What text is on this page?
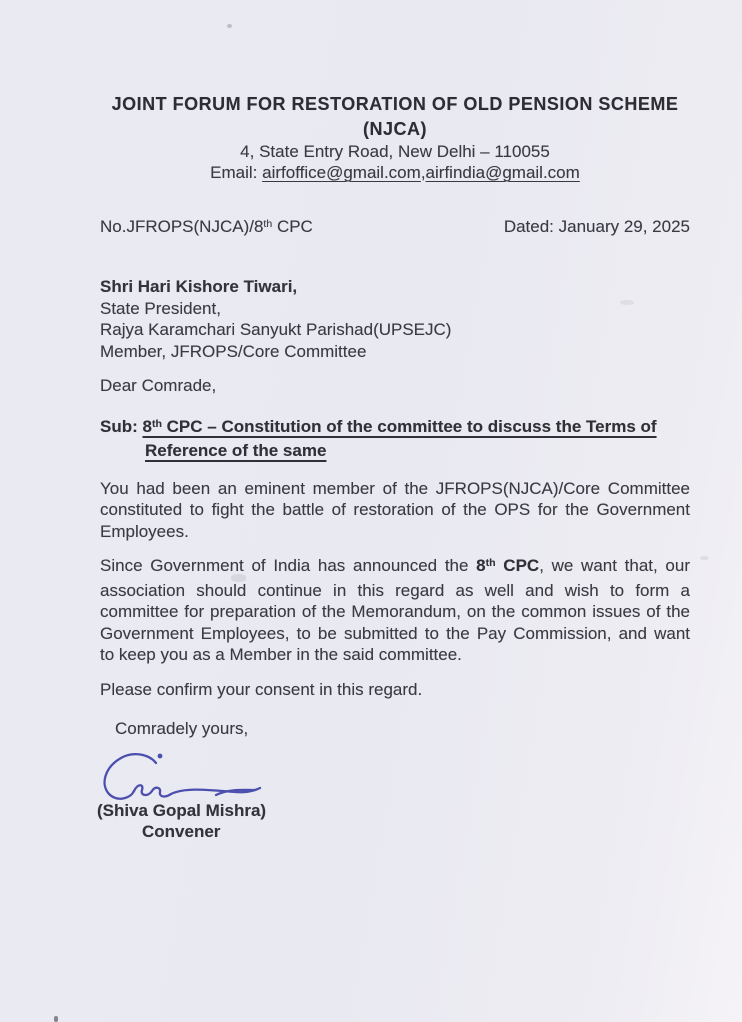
JOINT FORUM FOR RESTORATION OF OLD PENSION SCHEME
(NJCA)
4, State Entry Road, New Delhi – 110055
Email: airfoffice@gmail.com,airfindia@gmail.com
No.JFROPS(NJCA)/8th CPC	Dated: January 29, 2025
Shri Hari Kishore Tiwari,
State President,
Rajya Karamchari Sanyukt Parishad(UPSEJC)
Member, JFROPS/Core Committee
Dear Comrade,
Sub: 8th CPC – Constitution of the committee to discuss the Terms of
Reference of the same
You had been an eminent member of the JFROPS(NJCA)/Core Committee
constituted to fight the battle of restoration of the OPS for the Government
Employees.
Since Government of India has announced the 8th CPC, we want that, our
association should continue in this regard as well and wish to form a
committee for preparation of the Memorandum, on the common issues of the
Government Employees, to be submitted to the Pay Commission, and want
to keep you as a Member in the said committee.
Please confirm your consent in this regard.
Comradely yours,
(Shiva Gopal Mishra)
Convener
